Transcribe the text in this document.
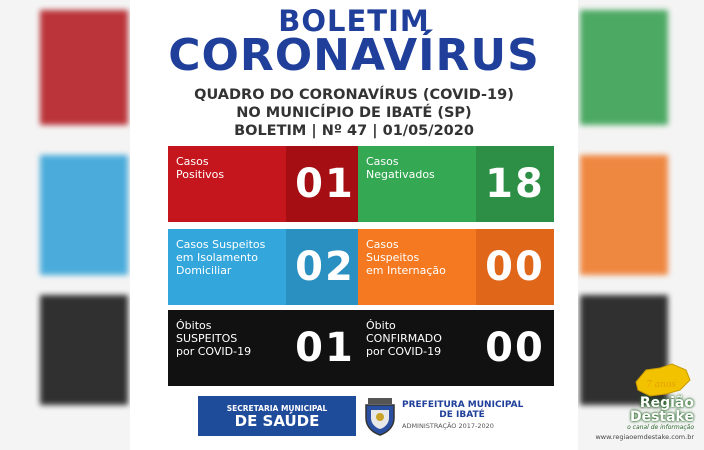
BOLETIM
CORONAVÍRUS
QUADRO DO CORONAVÍRUS (COVID-19)
NO MUNICÍPIO DE IBATÉ (SP)
BOLETIM | Nº 47 | 01/05/2020
Casos
Positivos	01	Casos
Negativados	18
Casos Suspeitos
em Isolamento
Domiciliar	02	Casos
Suspeitos
em Internação 00
Óbitos
SUSPEITOS
por COVID-19	01	Óbito
CONFIRMADO
por COVID-19	00
SECRETARIA MUNICIPAL
DE SAÚDE
PREFEITURA MUNICIPAL
DE IBATÉ
ADMINISTRAÇÃO 2017-2020
7 anos
Região
Destake
o canal de informação
www.regiaoemdestake.com.br
